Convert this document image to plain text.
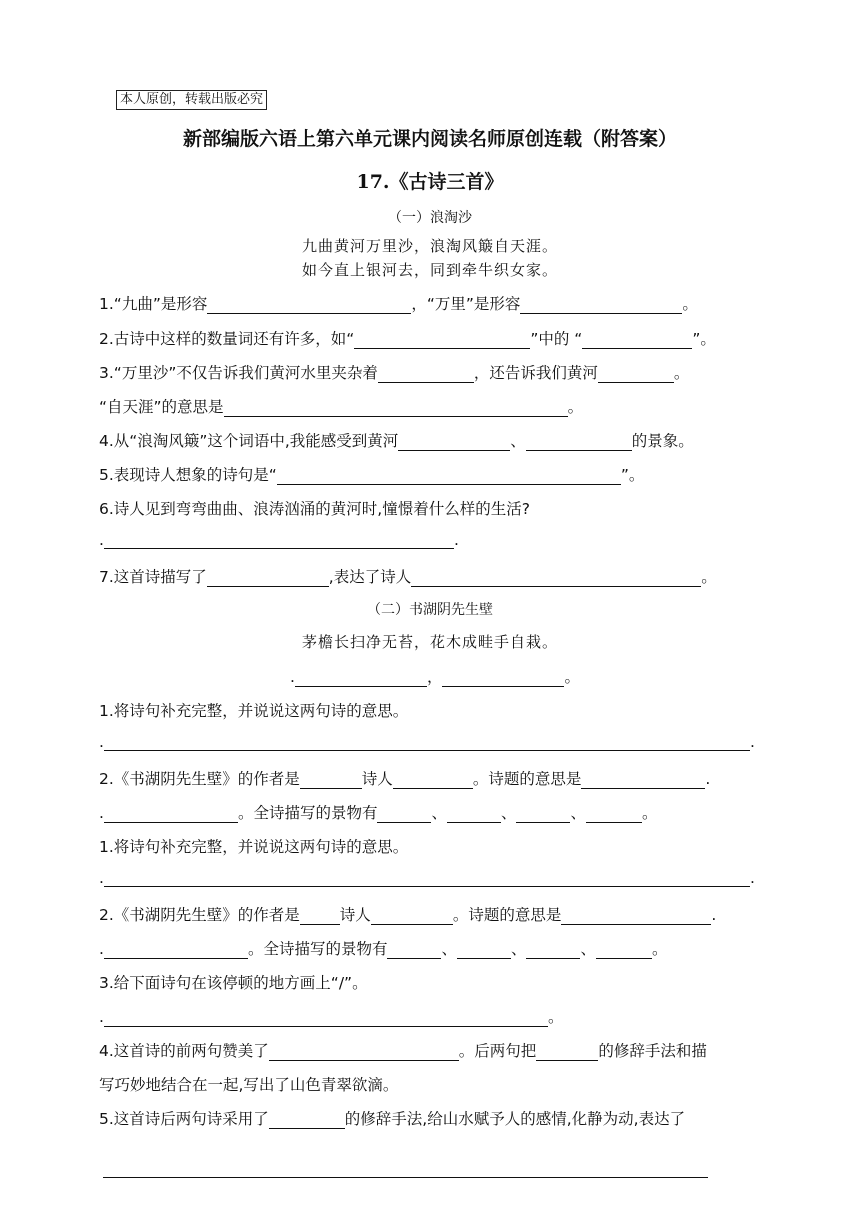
本人原创，转载出版必究
新部编版六语上第六单元课内阅读名师原创连载（附答案）
17.《古诗三首》
（一）浪淘沙
九曲黄河万里沙，浪淘风簸自天涯。
如今直上银河去，同到牵牛织女家。
1.“九曲”是形容	，“万里”是形容	。
2.古诗中这样的数量词还有许多，如“	”中的 “	”。
3.“万里沙”不仅告诉我们黄河水里夹杂着	，还告诉我们黄河	。
“自天涯”的意思是	。
4.从“浪淘风簸”这个词语中,我能感受到黄河	、	的景象。
5.表现诗人想象的诗句是“	”。
6.诗人见到弯弯曲曲、浪涛汹涌的黄河时,憧憬着什么样的生活?
.	.
7.这首诗描写了	,表达了诗人	。
（二）书湖阴先生壁
茅檐长扫净无苔，花木成畦手自栽。
.	，	。
1.将诗句补充完整，并说说这两句诗的意思。
.	.
2.《书湖阴先生壁》的作者是	诗人	。诗题的意思是	.
.	。全诗描写的景物有	、	、	、	。
1.将诗句补充完整，并说说这两句诗的意思。
.	.
2.《书湖阴先生壁》的作者是	诗人	。诗题的意思是	.
.	。全诗描写的景物有	、	、	、	。
3.给下面诗句在该停顿的地方画上“/”。
.	。
4.这首诗的前两句赞美了	。后两句把	的修辞手法和描
写巧妙地结合在一起,写出了山色青翠欲滴。
5.这首诗后两句诗采用了	的修辞手法,给山水赋予人的感情,化静为动,表达了
